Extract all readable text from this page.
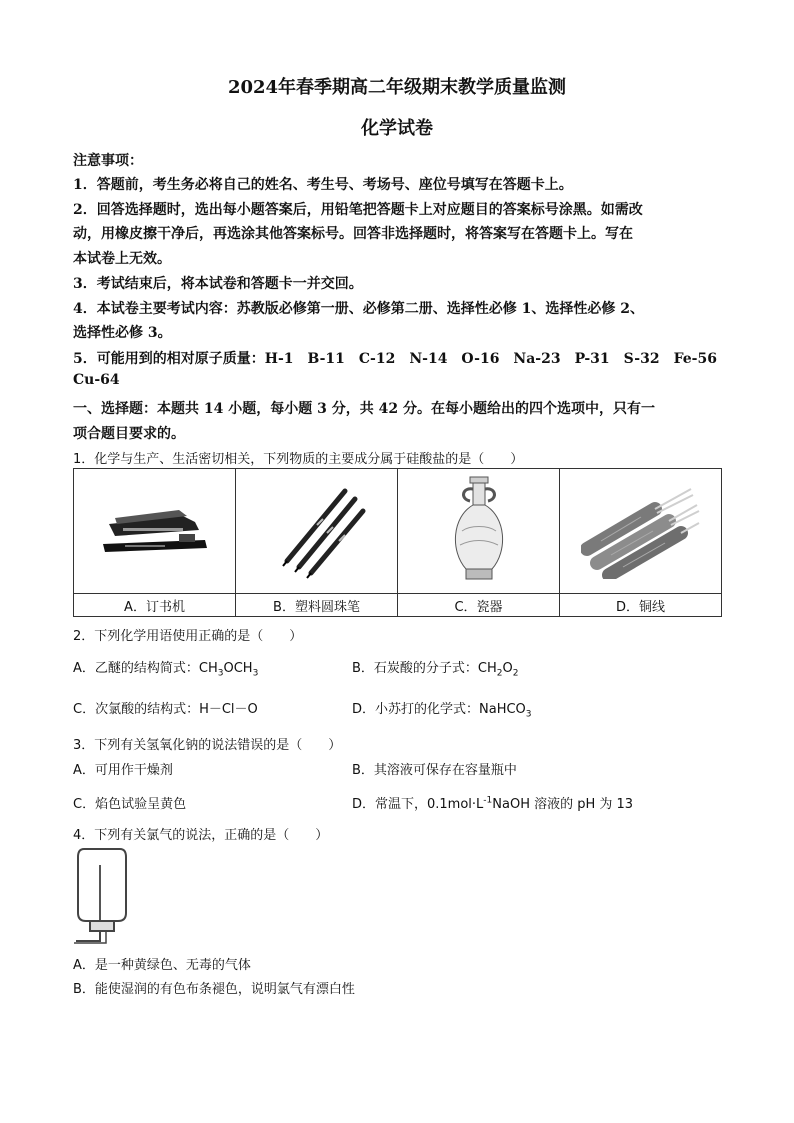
2024年春季期高二年级期末教学质量监测
化学试卷
注意事项：
1．答题前，考生务必将自己的姓名、考生号、考场号、座位号填写在答题卡上。
2．回答选择题时，选出每小题答案后，用铅笔把答题卡上对应题目的答案标号涂黑。如需改
动，用橡皮擦干净后，再选涂其他答案标号。回答非选择题时，将答案写在答题卡上。写在
本试卷上无效。
3．考试结束后，将本试卷和答题卡一并交回。
4．本试卷主要考试内容：苏教版必修第一册、必修第二册、选择性必修 1、选择性必修 2、
选择性必修 3。
5．可能用到的相对原子质量：H-1　B-11　C-12　N-14　O-16　Na-23　P-31　S-32　Fe-56
Cu-64
一、选择题：本题共 14 小题，每小题 3 分，共 42 分。在每小题给出的四个选项中，只有一
项合题目要求的。
1．化学与生产、生活密切相关，下列物质的主要成分属于硅酸盐的是（　　）

A．订书机	B．塑料圆珠笔	C．瓷器	D．铜线
2．下列化学用语使用正确的是（　　）
A．乙醚的结构简式：$CH_3OCH_3$	B．石炭酸的分子式：$CH_2O_2$
C．次氯酸的结构式：H－Cl－O	D．小苏打的化学式：NaHCO$_3$
3．下列有关氢氧化钠的说法错误的是（　　）
A．可用作干燥剂	B．其溶液可保存在容量瓶中
C．焰色试验呈黄色	D．常温下，$0.1mol\cdot L^{-1}NaOH$ 溶液的 pH 为 13
4．下列有关氯气的说法，正确的是（　　）
A．是一种黄绿色、无毒的气体
B．能使湿润的有色布条褪色，说明氯气有漂白性
